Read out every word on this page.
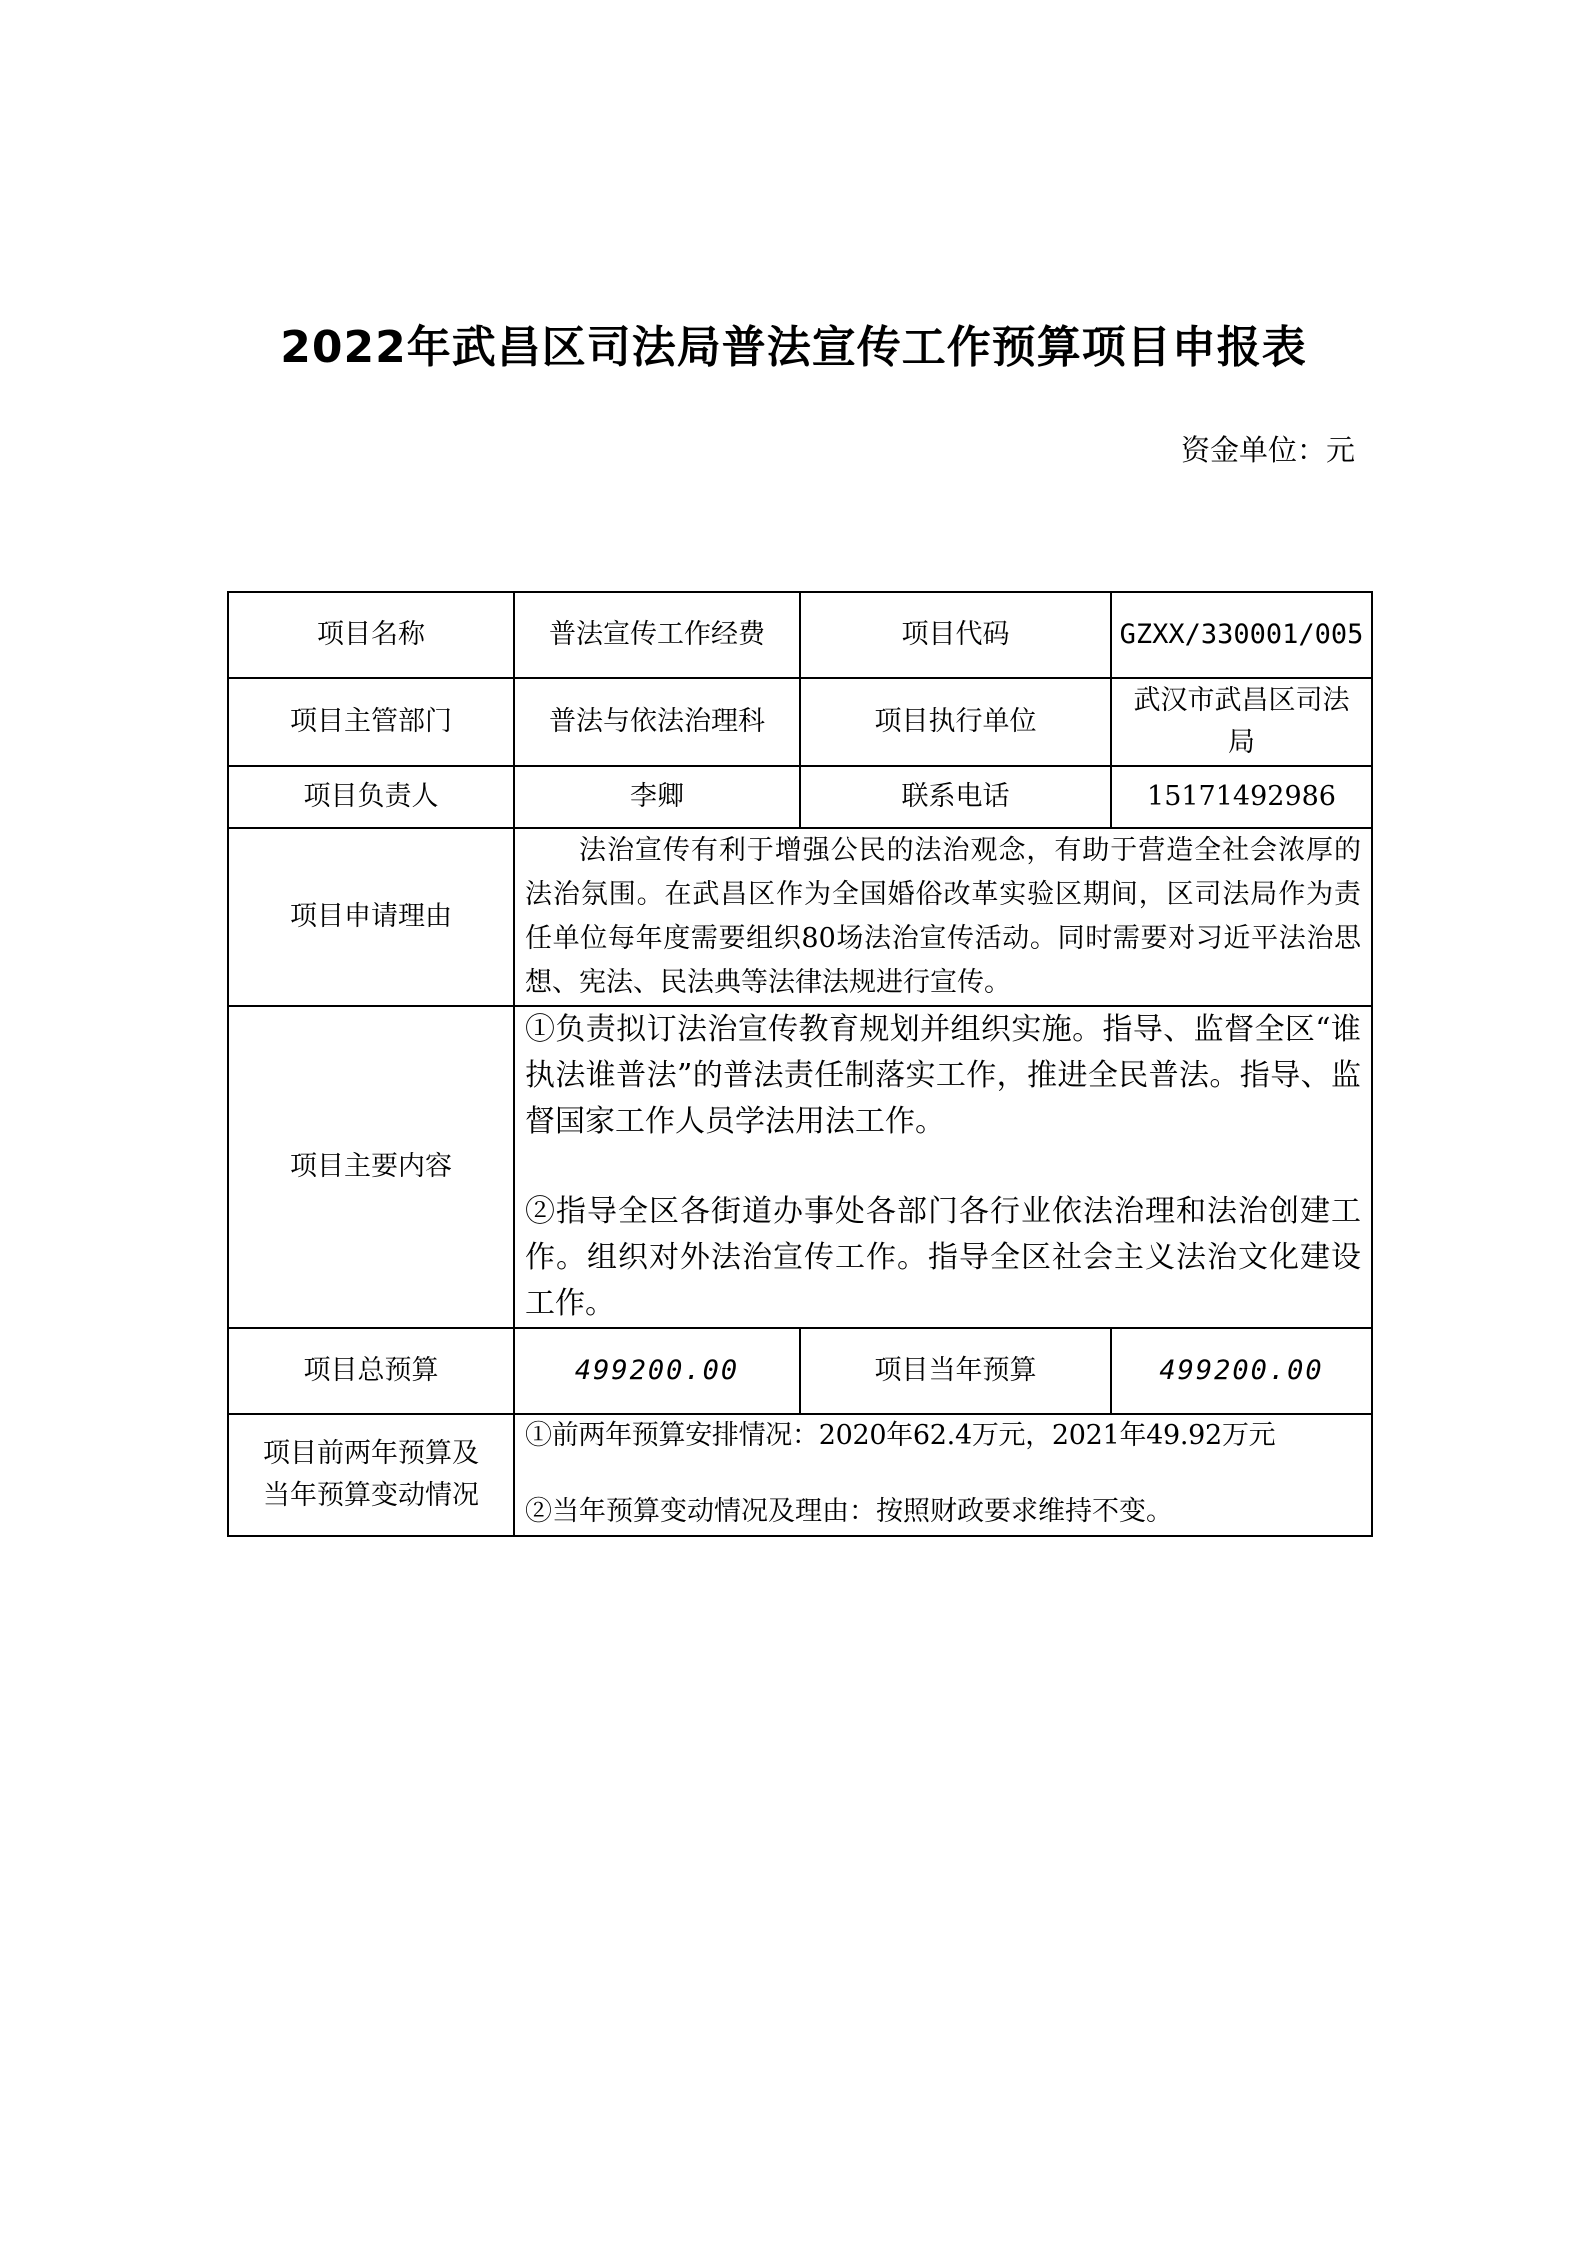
2022年武昌区司法局普法宣传工作预算项目申报表
资金单位：元
项目名称	普法宣传工作经费	项目代码	GZXX/330001/005
项目主管部门	普法与依法治理科	项目执行单位	武汉市武昌区司法局
项目负责人	李卿	联系电话	15171492986
项目申请理由	法治宣传有利于增强公民的法治观念，有助于营造全社会浓厚的法治氛围。在武昌区作为全国婚俗改革实验区期间，区司法局作为责任单位每年度需要组织80场法治宣传活动。同时需要对习近平法治思想、宪法、民法典等法律法规进行宣传。		

项目主要内容	①负责拟订法治宣传教育规划并组织实施。指导、监督全区“谁执法谁普法”的普法责任制落实工作，推进全民普法。指导、监督国家工作人员学法用法工作。
②指导全区各街道办事处各部门各行业依法治理和法治创建工作。组织对外法治宣传工作。指导全区社会主义法治文化建设工作。		

项目总预算	499200.00	项目当年预算	499200.00

项目前两年预算及
当年预算变动情况	①前两年预算安排情况：2020年62.4万元，2021年49.92万元
②当年预算变动情况及理由：按照财政要求维持不变。		
